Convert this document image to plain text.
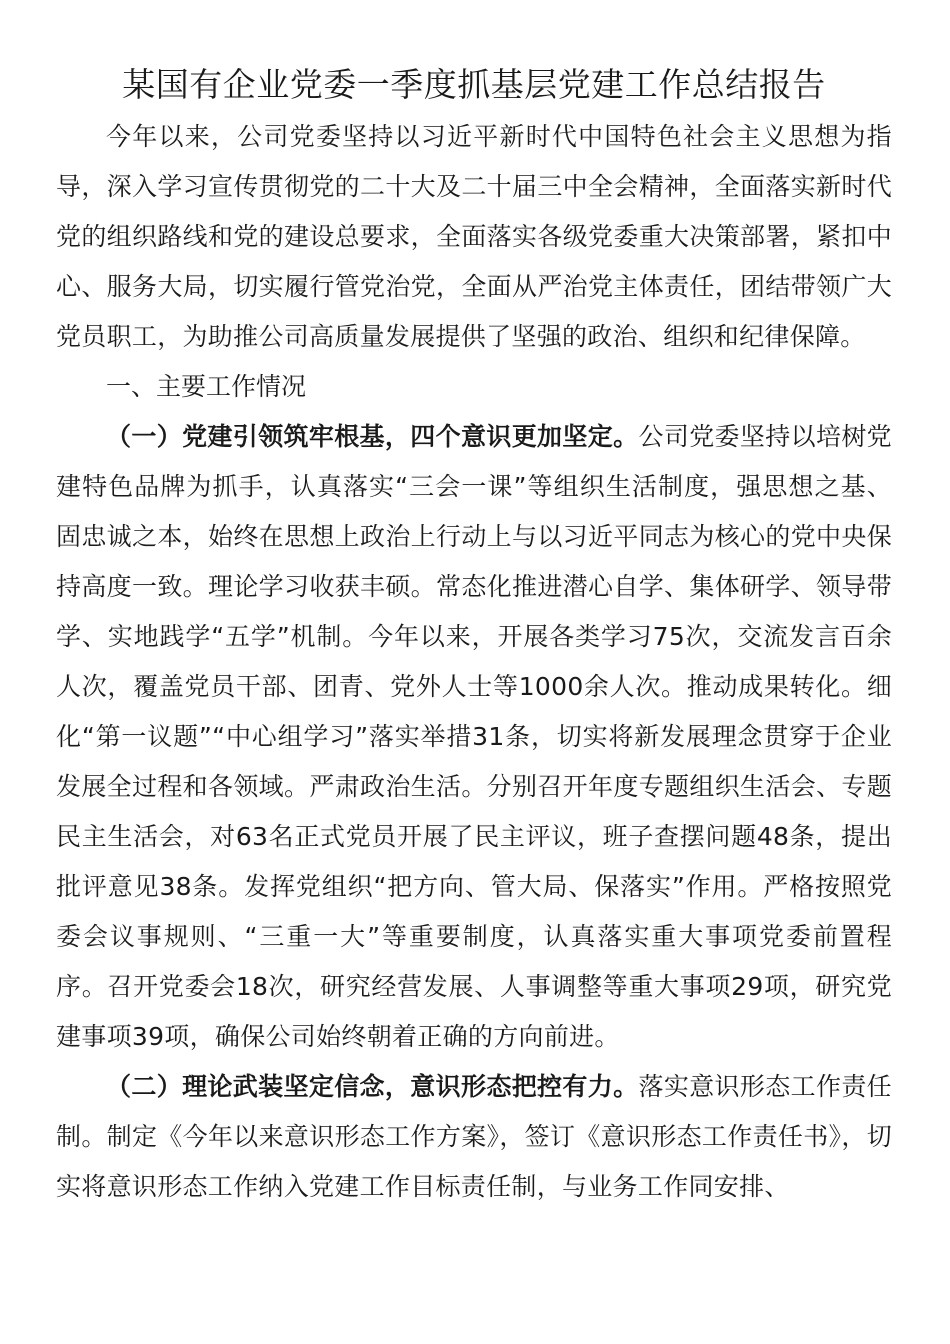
某国有企业党委一季度抓基层党建工作总结报告

今年以来，公司党委坚持以习近平新时代中国特色社会主义思想为指导，深入学习宣传贯彻党的二十大及二十届三中全会精神，全面落实新时代党的组织路线和党的建设总要求，全面落实各级党委重大决策部署，紧扣中心、服务大局，切实履行管党治党，全面从严治党主体责任，团结带领广大党员职工，为助推公司高质量发展提供了坚强的政治、组织和纪律保障。

一、主要工作情况

（一）党建引领筑牢根基，四个意识更加坚定。公司党委坚持以培树党建特色品牌为抓手，认真落实“三会一课”等组织生活制度，强思想之基、固忠诚之本，始终在思想上政治上行动上与以习近平同志为核心的党中央保持高度一致。理论学习收获丰硕。常态化推进潜心自学、集体研学、领导带学、实地践学“五学”机制。今年以来，开展各类学习75次，交流发言百余人次，覆盖党员干部、团青、党外人士等1000余人次。推动成果转化。细化“第一议题”“中心组学习”落实举措31条，切实将新发展理念贯穿于企业发展全过程和各领域。严肃政治生活。分别召开年度专题组织生活会、专题民主生活会，对63名正式党员开展了民主评议，班子查摆问题48条，提出批评意见38条。发挥党组织“把方向、管大局、保落实”作用。严格按照党委会议事规则、“三重一大”等重要制度，认真落实重大事项党委前置程序。召开党委会18次，研究经营发展、人事调整等重大事项29项，研究党建事项39项，确保公司始终朝着正确的方向前进。

（二）理论武装坚定信念，意识形态把控有力。落实意识形态工作责任制。制定《今年以来意识形态工作方案》，签订《意识形态工作责任书》，切实将意识形态工作纳入党建工作目标责任制，与业务工作同安排、
